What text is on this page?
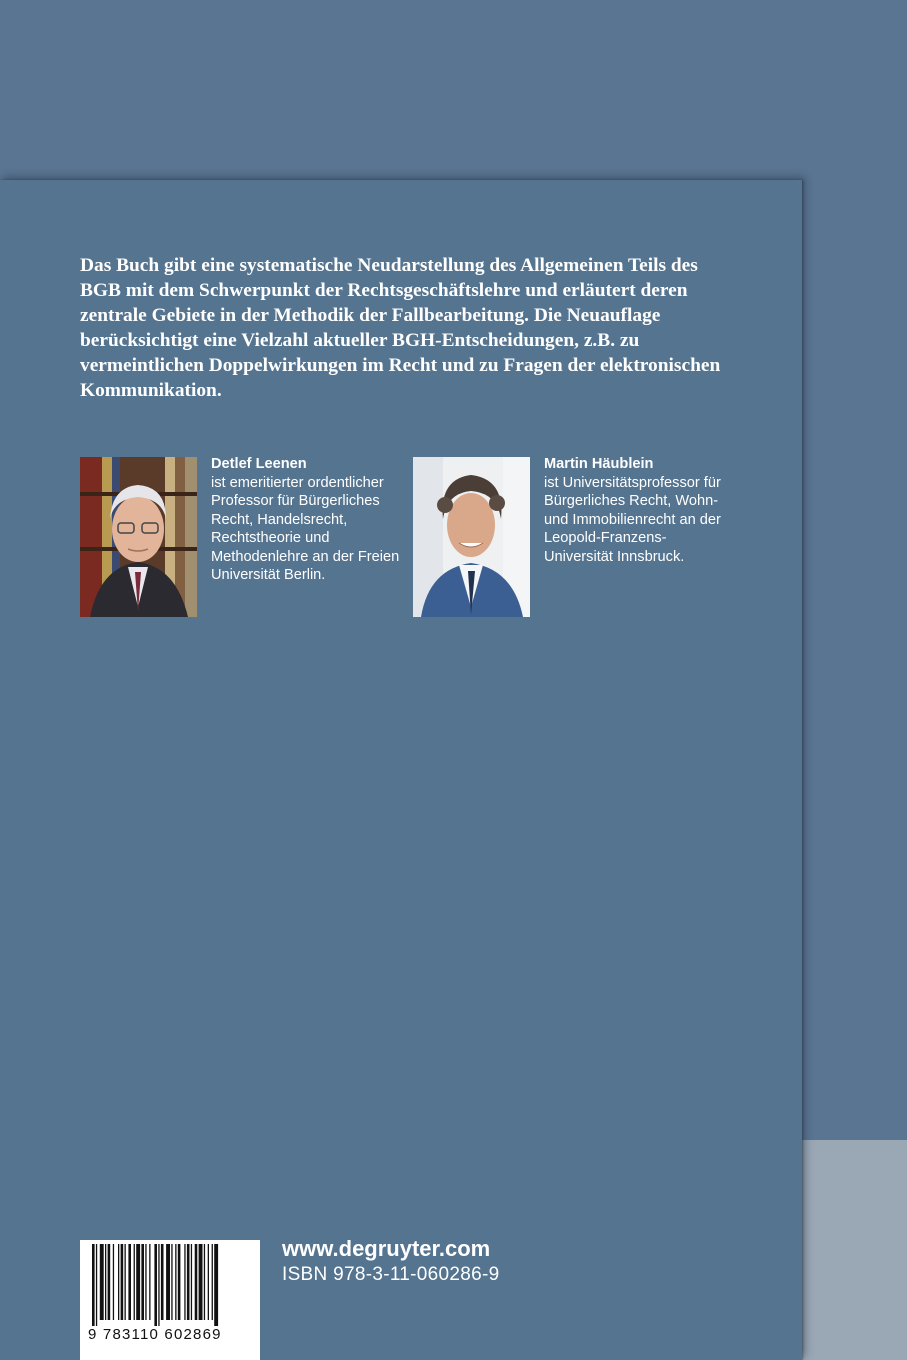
Das Buch gibt eine systematische Neudarstellung des Allgemeinen Teils des BGB mit dem Schwerpunkt der Rechtsgeschäftslehre und erläutert deren zentrale Gebiete in der Methodik der Fallbearbeitung. Die Neuauflage berücksichtigt eine Vielzahl aktueller BGH-Entscheidungen, z.B. zu vermeintlichen Doppelwirkungen im Recht und zu Fragen der elektronischen Kommunikation.

Detlef Leenen
ist emeritierter ordentlicher Professor für Bürgerliches Recht, Handelsrecht, Rechtstheorie und Methodenlehre an der Freien Universität Berlin.
Martin Häublein
ist Universitätsprofessor für Bürgerliches Recht, Wohn- und Immobilienrecht an der Leopold-Franzens-Universität Innsbruck.
9 783110 602869
www.degruyter.com
ISBN 978-3-11-060286-9
